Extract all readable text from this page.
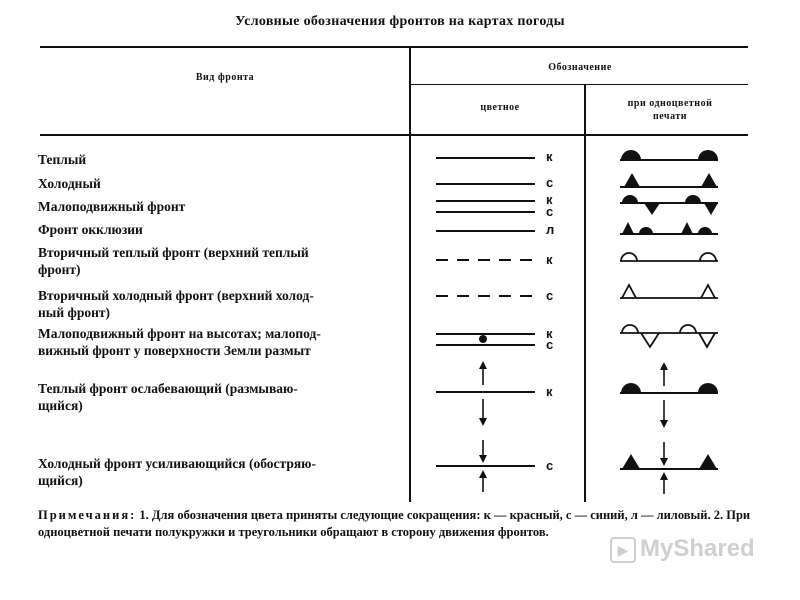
Условные обозначения фронтов на картах погоды
Вид фронта
Обозначение
цветное	при одноцветной
печати
Теплый
Холодный
Малоподвижный фронт
Фронт окклюзии
Вторичный теплый фронт (верхний теплый
фронт)
Вторичный холодный фронт (верхний холод-
ный фронт)
Малоподвижный фронт на высотах; малопод-
вижный фронт у поверхности Земли размыт
Теплый фронт ослабевающий (размываю-
щийся)
Холодный фронт усиливающийся (обостряю-
щийся)
к
с
к
с
л
к
с
к
с
к
с
Примечания: 1. Для обозначения цвета приняты следующие сокращения: к — красный, с — синий, л — лиловый. 2. При одноцветной печати полукружки и треугольники обращают в сторону движения фронтов.
▶ MyShared
